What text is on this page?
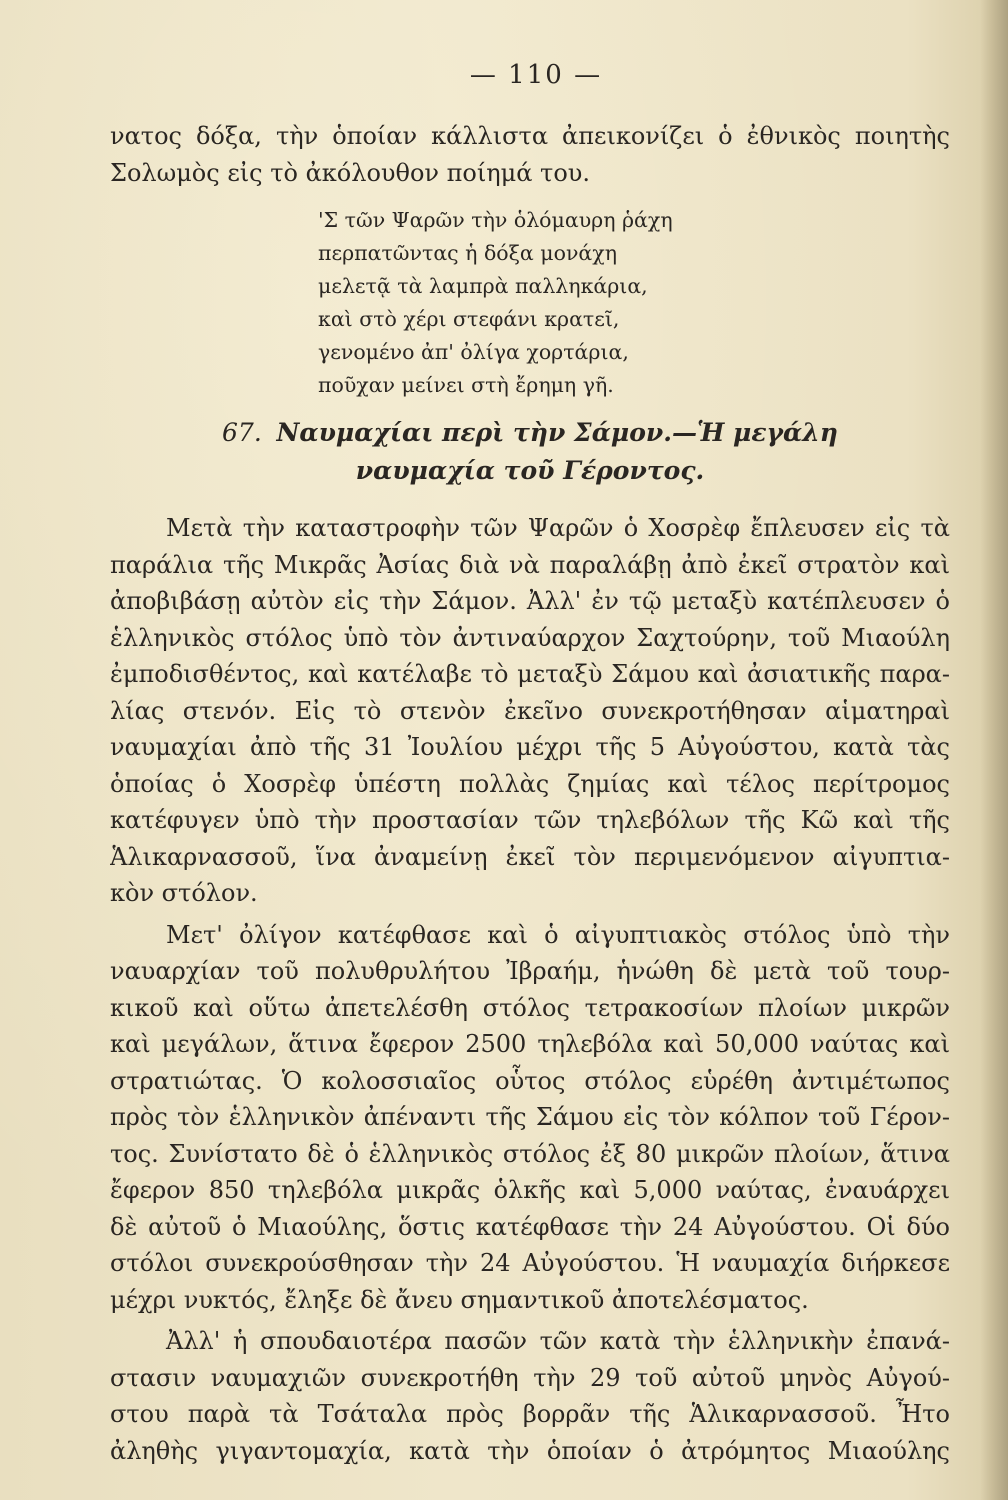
— 110 —
νατος δόξα, τὴν ὁποίαν κάλλιστα ἀπεικονίζει ὁ ἐθνικὸς ποιητὴς
Σολωμὸς εἰς τὸ ἀκόλουθον ποίημά του.
'Σ τῶν Ψαρῶν τὴν ὁλόμαυρη ῥάχη
περπατῶντας ἡ δόξα μονάχη
μελετᾷ τὰ λαμπρὰ παλληκάρια,
καὶ στὸ χέρι στεφάνι κρατεῖ,
γενομένο ἀπ' ὀλίγα χορτάρια,
ποῦχαν μείνει στὴ ἔρημη γῆ.
67. Ναυμαχίαι περὶ τὴν Σάμον.—Ἡ μεγάλη
ναυμαχία τοῦ Γέροντος.
Μετὰ τὴν καταστροφὴν τῶν Ψαρῶν ὁ Χοσρὲφ ἔπλευσεν εἰς τὰ
παράλια τῆς Μικρᾶς Ἀσίας διὰ νὰ παραλάβῃ ἀπὸ ἐκεῖ στρατὸν καὶ
ἀποβιβάσῃ αὐτὸν εἰς τὴν Σάμον. Ἀλλ' ἐν τῷ μεταξὺ κατέπλευσεν ὁ
ἑλληνικὸς στόλος ὑπὸ τὸν ἀντιναύαρχον Σαχτούρην, τοῦ Μιαούλη
ἐμποδισθέντος, καὶ κατέλαβε τὸ μεταξὺ Σάμου καὶ ἀσιατικῆς παρα-
λίας στενόν. Εἰς τὸ στενὸν ἐκεῖνο συνεκροτήθησαν αἱματηραὶ
ναυμαχίαι ἀπὸ τῆς 31 Ἰουλίου μέχρι τῆς 5 Αὐγούστου, κατὰ τὰς
ὁποίας ὁ Χοσρὲφ ὑπέστη πολλὰς ζημίας καὶ τέλος περίτρομος
κατέφυγεν ὑπὸ τὴν προστασίαν τῶν τηλεβόλων τῆς Κῶ καὶ τῆς
Ἁλικαρνασσοῦ, ἵνα ἀναμείνῃ ἐκεῖ τὸν περιμενόμενον αἰγυπτια-
κὸν στόλον.
Μετ' ὀλίγον κατέφθασε καὶ ὁ αἰγυπτιακὸς στόλος ὑπὸ τὴν
ναυαρχίαν τοῦ πολυθρυλήτου Ἰβραήμ, ἡνώθη δὲ μετὰ τοῦ τουρ-
κικοῦ καὶ οὕτω ἀπετελέσθη στόλος τετρακοσίων πλοίων μικρῶν
καὶ μεγάλων, ἅτινα ἔφερον 2500 τηλεβόλα καὶ 50,000 ναύτας καὶ
στρατιώτας. Ὁ κολοσσιαῖος οὗτος στόλος εὑρέθη ἀντιμέτωπος
πρὸς τὸν ἑλληνικὸν ἀπέναντι τῆς Σάμου εἰς τὸν κόλπον τοῦ Γέρον-
τος. Συνίστατο δὲ ὁ ἑλληνικὸς στόλος ἐξ 80 μικρῶν πλοίων, ἅτινα
ἔφερον 850 τηλεβόλα μικρᾶς ὁλκῆς καὶ 5,000 ναύτας, ἐναυάρχει
δὲ αὐτοῦ ὁ Μιαούλης, ὅστις κατέφθασε τὴν 24 Αὐγούστου. Οἱ δύο
στόλοι συνεκρούσθησαν τὴν 24 Αὐγούστου. Ἡ ναυμαχία διήρκεσε
μέχρι νυκτός, ἔληξε δὲ ἄνευ σημαντικοῦ ἀποτελέσματος.
Ἀλλ' ἡ σπουδαιοτέρα πασῶν τῶν κατὰ τὴν ἑλληνικὴν ἐπανά-
στασιν ναυμαχιῶν συνεκροτήθη τὴν 29 τοῦ αὐτοῦ μηνὸς Αὐγού-
στου παρὰ τὰ Τσάταλα πρὸς βορρᾶν τῆς Ἁλικαρνασσοῦ. Ἦτο
ἀληθὴς γιγαντομαχία, κατὰ τὴν ὁποίαν ὁ ἀτρόμητος Μιαούλης
